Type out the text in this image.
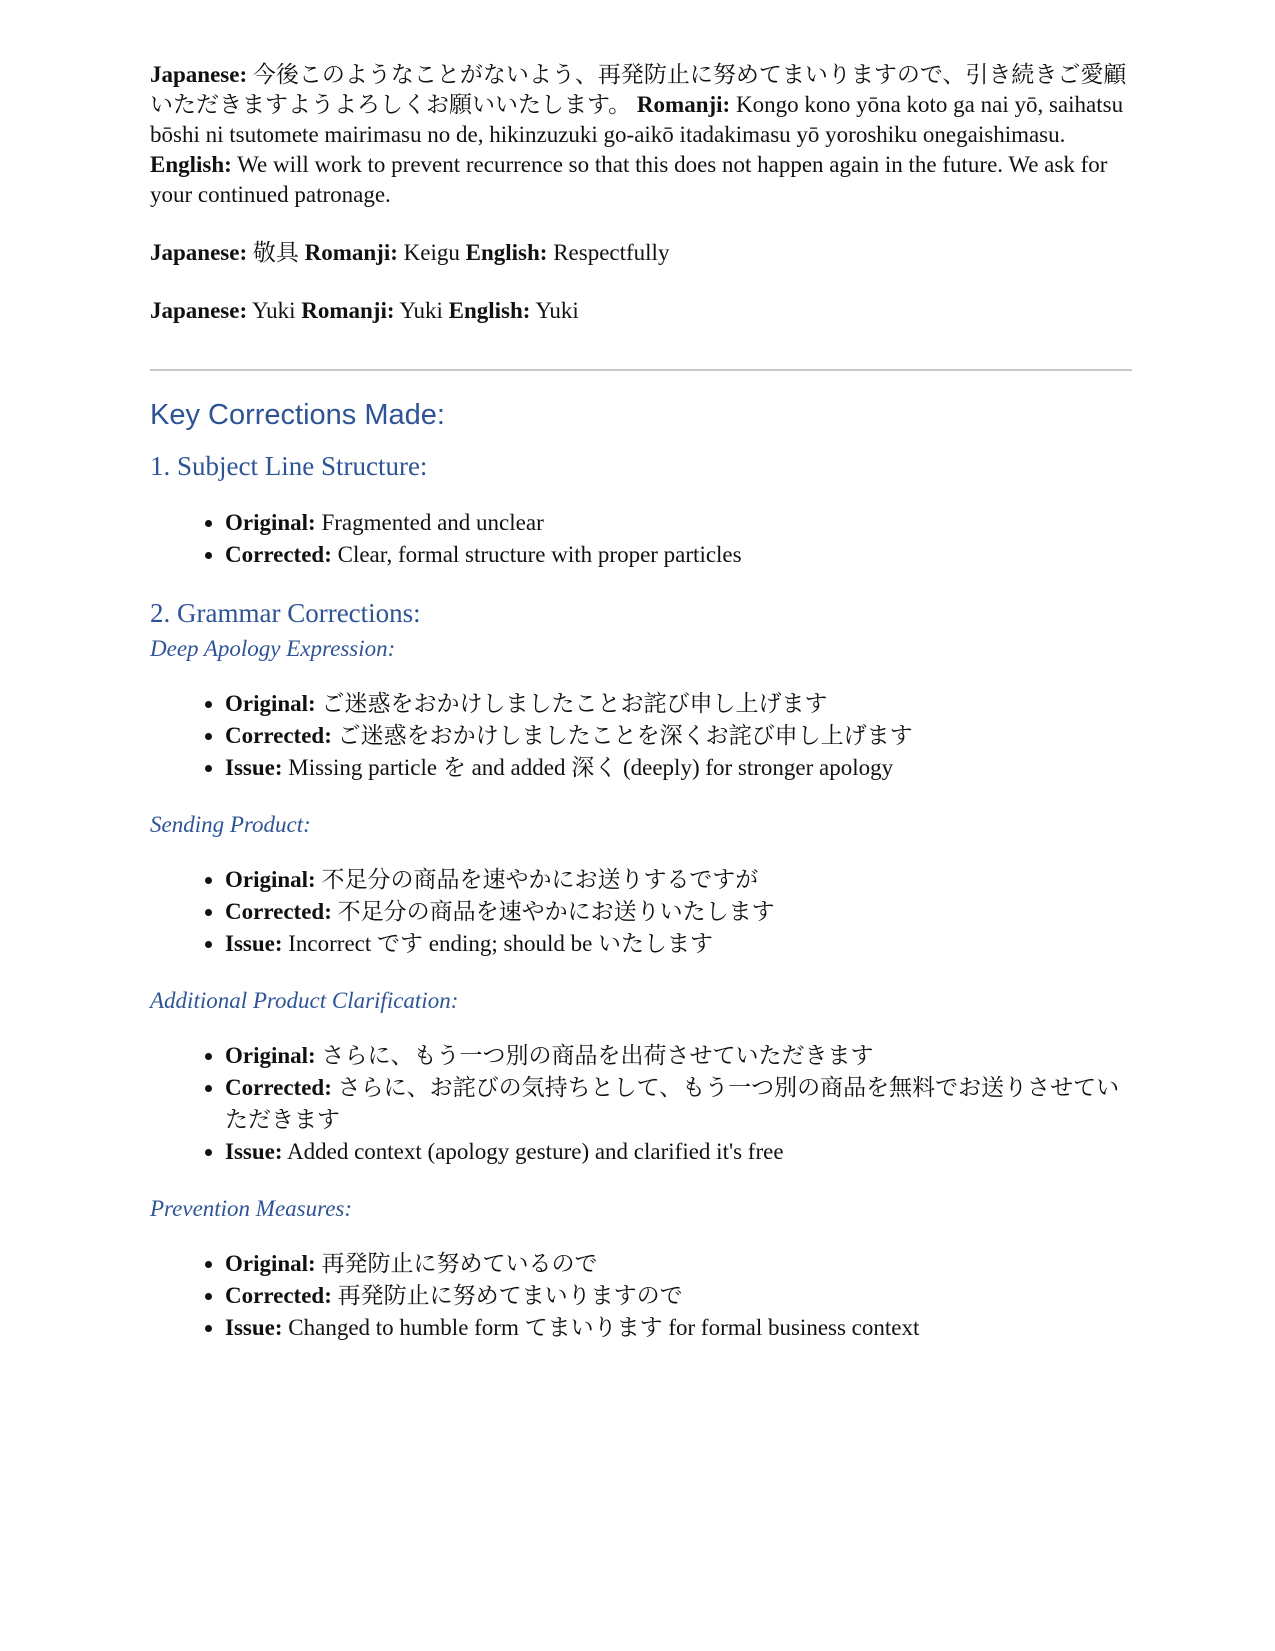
Japanese: 今後このようなことがないよう、再発防止に努めてまいりますので、引き続きご愛顧いただきますようよろしくお願いいたします。 Romanji: Kongo kono yōna koto ga nai yō, saihatsu bōshi ni tsutomete mairimasu no de, hikinzuzuki go-aikō itadakimasu yō yoroshiku onegaishimasu. English: We will work to prevent recurrence so that this does not happen again in the future. We ask for your continued patronage.

Japanese: 敬具 Romanji: Keigu English: Respectfully

Japanese: Yuki Romanji: Yuki English: Yuki

Key Corrections Made:
1. Subject Line Structure:
• Original: Fragmented and unclear
• Corrected: Clear, formal structure with proper particles
2. Grammar Corrections:
Deep Apology Expression:
• Original: ご迷惑をおかけしましたことお詫び申し上げます
• Corrected: ご迷惑をおかけしましたことを深くお詫び申し上げます
• Issue: Missing particle を and added 深く (deeply) for stronger apology
Sending Product:
• Original: 不足分の商品を速やかにお送りするですが
• Corrected: 不足分の商品を速やかにお送りいたします
• Issue: Incorrect です ending; should be いたします
Additional Product Clarification:
• Original: さらに、もう一つ別の商品を出荷させていただきます
• Corrected: さらに、お詫びの気持ちとして、もう一つ別の商品を無料でお送りさせていただきます
• Issue: Added context (apology gesture) and clarified it's free
Prevention Measures:
• Original: 再発防止に努めているので
• Corrected: 再発防止に努めてまいりますので
• Issue: Changed to humble form てまいります for formal business context
